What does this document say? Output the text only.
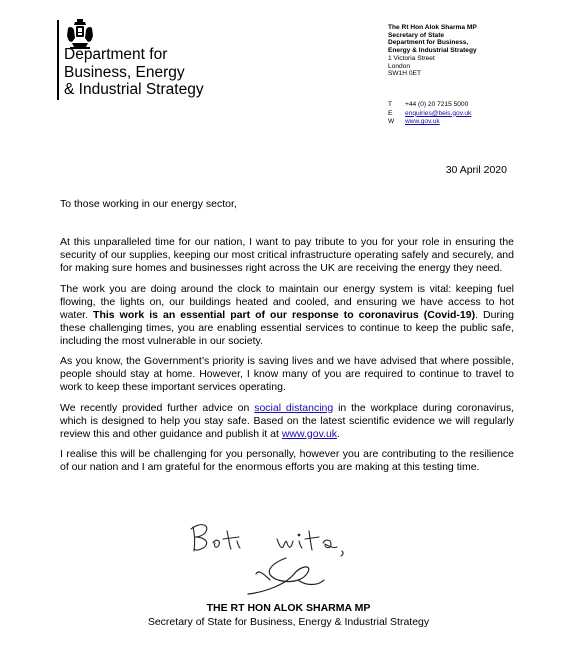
Department for
Business, Energy
& Industrial Strategy
The Rt Hon Alok Sharma MP
Secretary of State
Department for Business,
Energy & Industrial Strategy
1 Victoria Street
London
SW1H 0ET
T	+44 (0) 20 7215 5000
E	enquiries@beis.gov.uk
W	www.gov.uk
30 April 2020
To those working in our energy sector,

At this unparalleled time for our nation, I want to pay tribute to you for your role in ensuring the security of our supplies, keeping our most critical infrastructure operating safely and securely, and for making sure homes and businesses right across the UK are receiving the energy they need.

The work you are doing around the clock to maintain our energy system is vital: keeping fuel flowing, the lights on, our buildings heated and cooled, and ensuring we have access to hot water. This work is an essential part of our response to coronavirus (Covid-19). During these challenging times, you are enabling essential services to continue to keep the public safe, including the most vulnerable in our society.

As you know, the Government’s priority is saving lives and we have advised that where possible, people should stay at home. However, I know many of you are required to continue to travel to work to keep these important services operating.

We recently provided further advice on social distancing in the workplace during coronavirus, which is designed to help you stay safe. Based on the latest scientific evidence we will regularly review this and other guidance and publish it at www.gov.uk.

I realise this will be challenging for you personally, however you are contributing to the resilience of our nation and I am grateful for the enormous efforts you are making at this testing time.

THE RT HON ALOK SHARMA MP
Secretary of State for Business, Energy & Industrial Strategy
